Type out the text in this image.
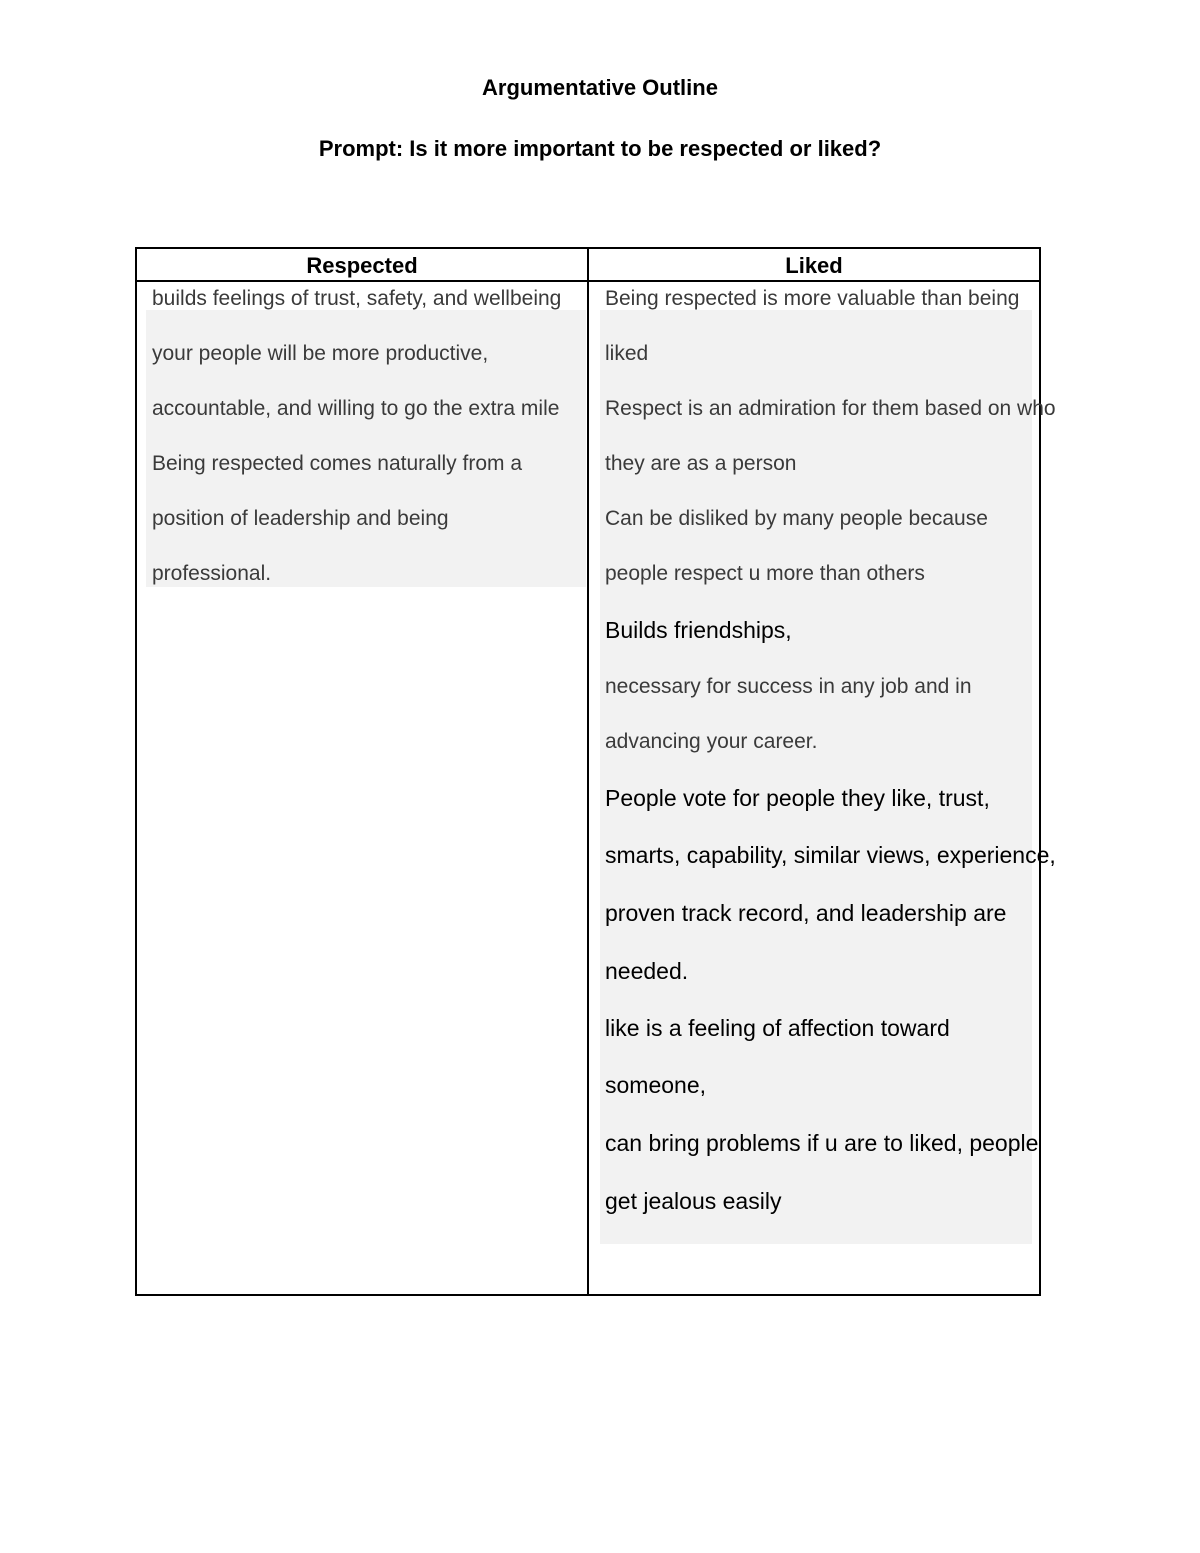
Argumentative Outline
Prompt: Is it more important to be respected or liked?
Respected	Liked
builds feelings of trust, safety, and wellbeing
your people will be more productive,
accountable, and willing to go the extra mile
Being respected comes naturally from a
position of leadership and being
professional.
Being respected is more valuable than being
liked
Respect is an admiration for them based on who
they are as a person
Can be disliked by many people because
people respect u more than others
Builds friendships,
necessary for success in any job and in
advancing your career.
People vote for people they like, trust,
smarts, capability, similar views, experience,
proven track record, and leadership are
needed.
like is a feeling of affection toward
someone,
can bring problems if u are to liked, people
get jealous easily
